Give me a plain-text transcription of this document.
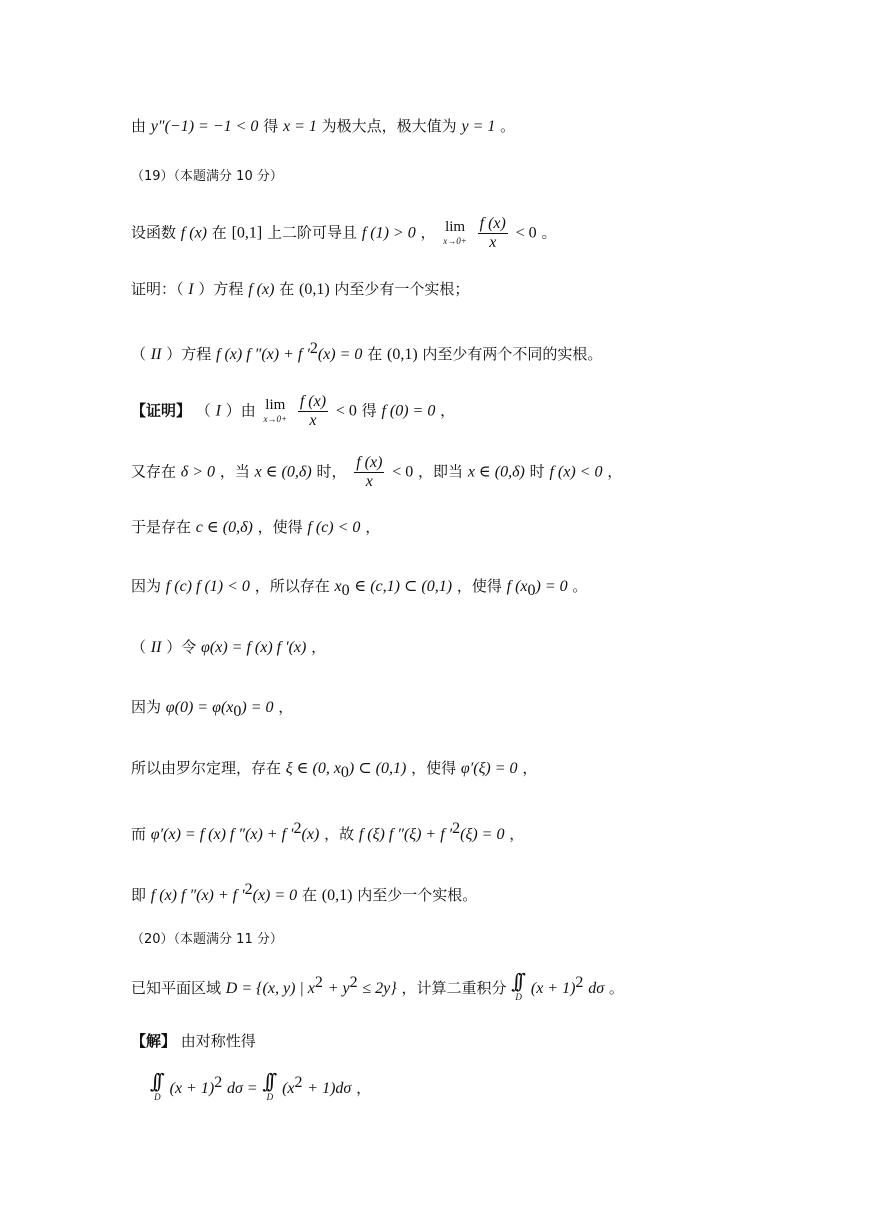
由 y″(−1) = −1 < 0 得 x = 1 为极大点，极大值为 y = 1 。
（19）（本题满分 10 分）
设函数 f (x) 在 [0,1] 上二阶可导且 f (1) > 0 ， lim
x→0+
$\frac{f (x)}{x} < 0$ 。
证明：（ I ）方程 f (x) 在 (0,1) 内至少有一个实根；
（ II ）方程 f (x) f ″(x) + f $'^2(x) = 0$ 在 (0,1) 内至少有两个不同的实根。
【证明】 （ I ）由 lim
x→0+
$\frac{f (x)}{x} < 0$ 得 f (0) = 0 ，
又存在 δ > 0 ，当 x ∈ (0,δ) 时， $\frac{f (x)}{x} < 0$ ，即当 x ∈ (0,δ) 时 f (x) < 0 ，
于是存在 c ∈ (0,δ) ，使得 f (c) < 0 ，
因为 f (c) f (1) < 0 ，所以存在 $x_0$ ∈ (c,1) ⊂ (0,1) ，使得 f $(x_0) = 0$ 。
（ II ）令 φ(x) = f (x) f ′(x) ，
因为 $\varphi(0) = \varphi(x_0) = 0$ ，
所以由罗尔定理，存在 ξ ∈ (0, $x_0$) ⊂ (0,1) ，使得 φ′(ξ) = 0 ，
而 φ′(x) = f (x) f ″(x) + f $'^2(x)$ ，故 f (ξ) f ″(ξ) + f $'^2(\xi) = 0$ ，
即 f (x) f ″(x) + f $'^2(x) = 0$ 在 (0,1) 内至少一个实根。
（20）（本题满分 11 分）
已知平面区域 D = {(x, y) | $x^2 + y^2 \le 2y$} ，计算二重积分 ∫∫
D $(x + 1)^2$ dσ 。
【解】 由对称性得
∫∫
D $(x + 1)^2$ dσ = ∫∫
D $(x^2 + 1)d\sigma$ ，
